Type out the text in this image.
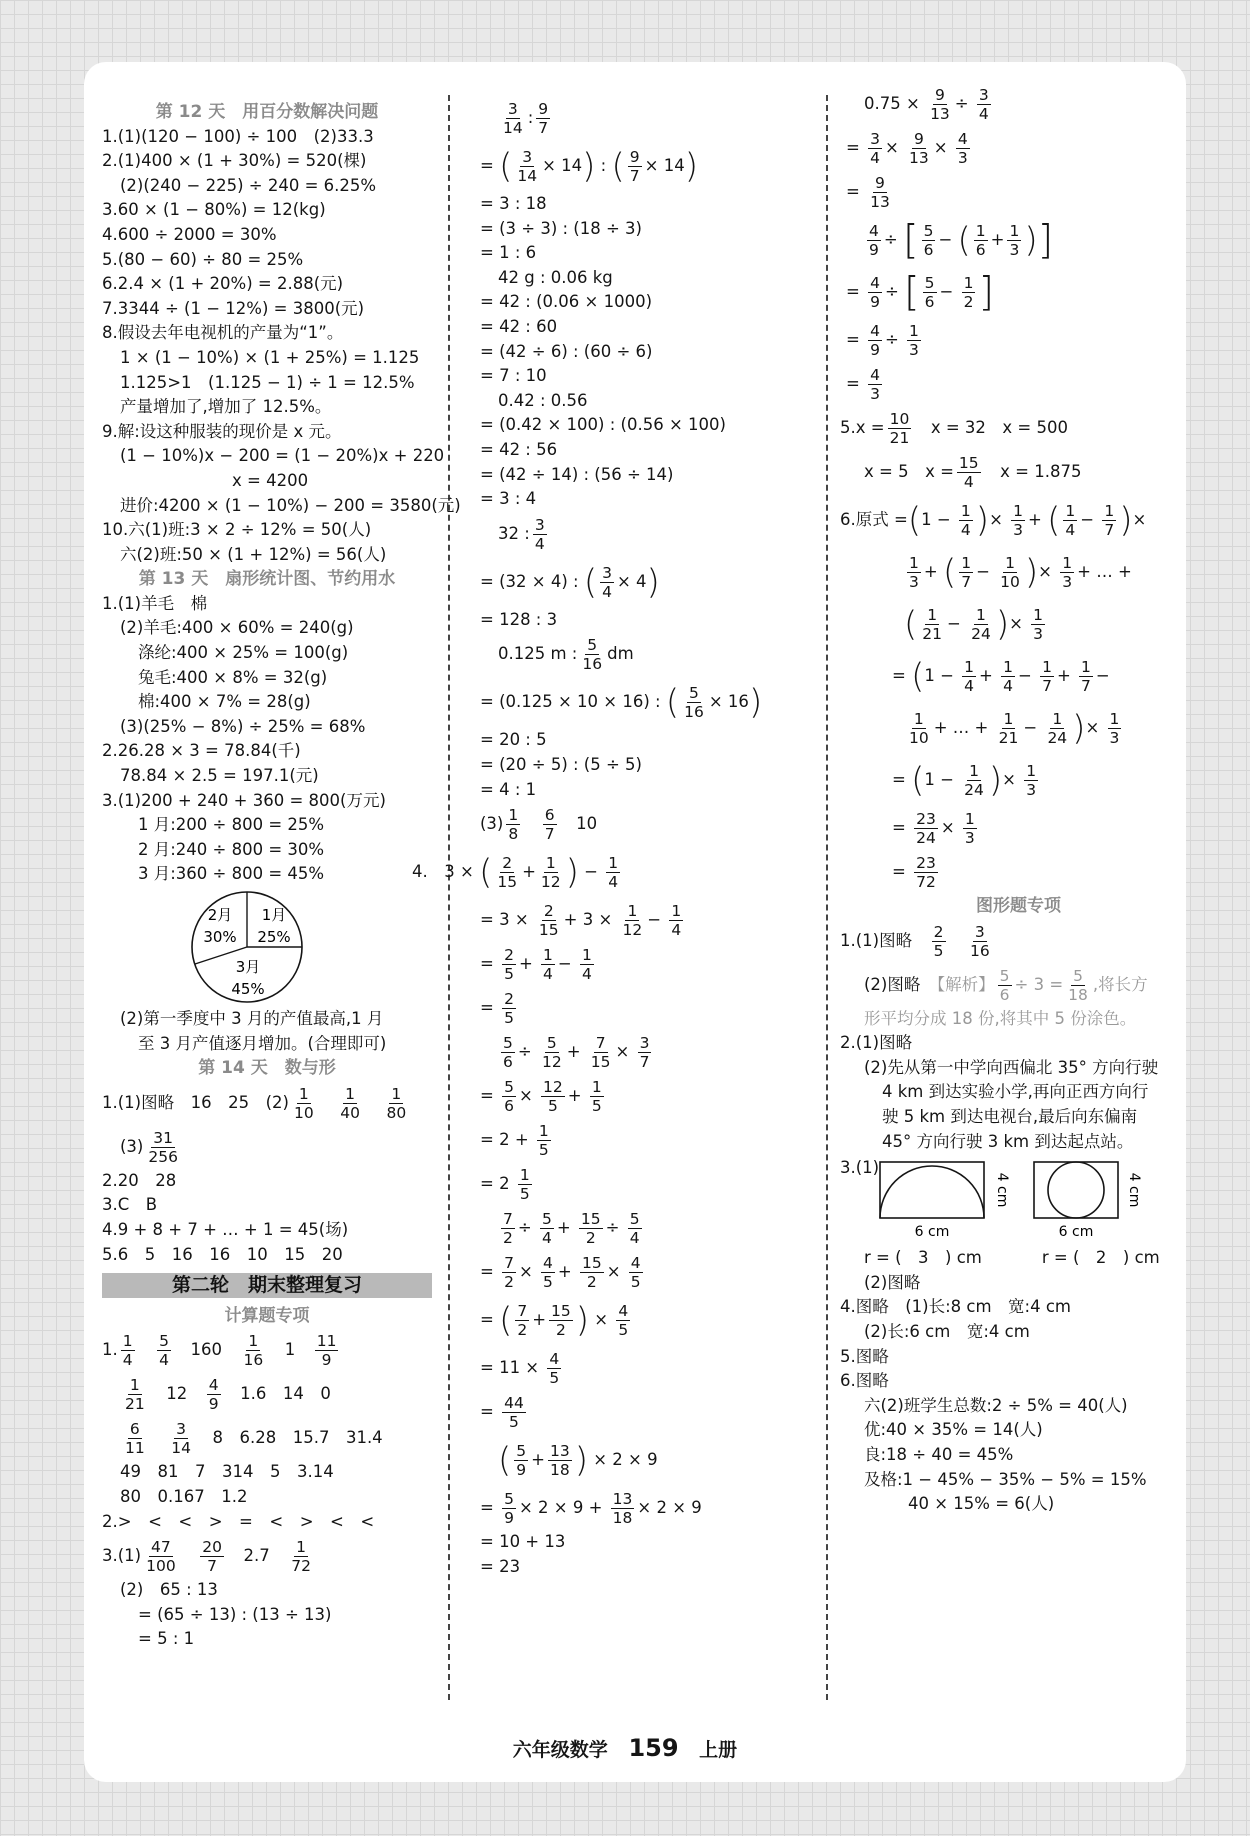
第 12 天　用百分数解决问题
1.(1)(120 − 100) ÷ 100　(2)33.3
2.(1)400 × (1 + 30%) = 520(棵)
(2)(240 − 225) ÷ 240 = 6.25%
3.60 × (1 − 80%) = 12(kg)
4.600 ÷ 2000 = 30%
5.(80 − 60) ÷ 80 = 25%
6.2.4 × (1 + 20%) = 2.88(元)
7.3344 ÷ (1 − 12%) = 3800(元)
8.假设去年电视机的产量为“1”。
1 × (1 − 10%) × (1 + 25%) = 1.125
1.125>1　(1.125 − 1) ÷ 1 = 12.5%
产量增加了,增加了 12.5%。
9.解:设这种服装的现价是 x 元。
(1 − 10%)x − 200 = (1 − 20%)x + 220
x = 4200
进价:4200 × (1 − 10%) − 200 = 3580(元)
10.六(1)班:3 × 2 ÷ 12% = 50(人)
六(2)班:50 × (1 + 12%) = 56(人)
第 13 天　扇形统计图、节约用水
1.(1)羊毛　棉
(2)羊毛:400 × 60% = 240(g)
涤纶:400 × 25% = 100(g)
兔毛:400 × 8% = 32(g)
棉:400 × 7% = 28(g)
(3)(25% − 8%) ÷ 25% = 68%
2.26.28 × 3 = 78.84(千)
78.84 × 2.5 = 197.1(元)
3.(1)200 + 240 + 360 = 800(万元)
1 月:200 ÷ 800 = 25%
2 月:240 ÷ 800 = 30%
3 月:360 ÷ 800 = 45%
2月
30%
1月
25%
3月
45%
(2)第一季度中 3 月的产值最高,1 月
至 3 月产值逐月增加。(合理即可)
第 14 天　数与形
1.(1)图略　16　25　$(2) \frac{1}{10}$
　 $\frac{1}{40}$
　 $\frac{1}{80}$
$(3) \frac{31}{256}$
2.20　28
3.C　B
4.9 + 8 + 7 + … + 1 = 45(场)
5.6　5　16　16　10　15　20
第二轮　期末整理复习
计算题专项
1. $\frac{1}{4}$
　 $\frac{5}{4}$ 　160　 $\frac{1}{16}$ 　1　 $\frac{11}{9}$
$\frac{1}{21}$ 　12　 $\frac{4}{9}$ 　1.6　14　0
$\frac{6}{11}$
　 $\frac{3}{14}$ 　8　6.28　15.7　31.4
49　81　7　314　5　3.14
80　0.167　1.2
2.>　<　<　>　=　<　>　<　<
$3.(1) \frac{47}{100}$
　 $\frac{20}{7}$ 　2.7　 $\frac{1}{72}$
(2)　65 : 13
= (65 ÷ 13) : (13 ÷ 13)
= 5 : 1
$\frac{3}{14}$ : $\frac{9}{7}$
= ( $\frac{3}{14} \times 14$) : ( $\frac{9}{7} \times 14$)
= 3 : 18
= (3 ÷ 3) : (18 ÷ 3)
= 1 : 6
42 g : 0.06 kg
= 42 : (0.06 × 1000)
= 42 : 60
= (42 ÷ 6) : (60 ÷ 6)
= 7 : 10
0.42 : 0.56
= (0.42 × 100) : (0.56 × 100)
= 42 : 56
= (42 ÷ 14) : (56 ÷ 14)
= 3 : 4
32 : $\frac{3}{4}$
= (32 × 4) : ( $\frac{3}{4} \times 4$)
= 128 : 3
0.125 m : $\frac{5}{16}$ dm
= (0.125 × 10 × 16) : ( $\frac{5}{16} \times 16$)
= 20 : 5
= (20 ÷ 5) : (5 ÷ 5)
= 4 : 1
$(3) \frac{1}{8}$
　 $\frac{6}{7}$ 　10
4.　3 × ( $\frac{2}{15} + \frac{1}{12}$ ) − $\frac{1}{4}$
= $3 \times \frac{2}{15} + 3 \times \frac{1}{12} - \frac{1}{4}$
= $\frac{2}{5} + \frac{1}{4} - \frac{1}{4}$
= $\frac{2}{5}$
$\frac{5}{6} \div \frac{5}{12} + \frac{7}{15} \times \frac{3}{7}$
= $\frac{5}{6} \times \frac{12}{5} + \frac{1}{5}$
= $2 + \frac{1}{5}$
= $2 \frac{1}{5}$
$\frac{7}{2} \div \frac{5}{4} + \frac{15}{2} \div \frac{5}{4}$
= $\frac{7}{2} \times \frac{4}{5} + \frac{15}{2} \times \frac{4}{5}$
= ( $\frac{7}{2} + \frac{15}{2}$ ) × $\frac{4}{5}$
= $11 \times \frac{4}{5}$
= $\frac{44}{5}$
( $\frac{5}{9} + \frac{13}{18}$ ) × 2 × 9
= $\frac{5}{9} \times 2 \times 9 + \frac{13}{18} \times 2 \times 9$
= 10 + 13
= 23
$0.75 \times \frac{9}{13} \div \frac{3}{4}$
= $\frac{3}{4} \times \frac{9}{13} \times \frac{4}{3}$
= $\frac{9}{13}$
$\frac{4}{9}$ ÷ [ $\frac{5}{6}$ − ( $\frac{1}{6} + \frac{1}{3}$ )]
= $\frac{4}{9}$ ÷ [ $\frac{5}{6} - \frac{1}{2}$ ]
= $\frac{4}{9} \div \frac{1}{3}$
= $\frac{4}{3}$
$5.x = \frac{10}{21}$
　 x = 32　x = 500
x = 5　$x = \frac{15}{4}$
　 x = 1.875
6.原式 $=(1 - \frac{1}{4}$ )× $\frac{1}{3}$ + ( $\frac{1}{4} - \frac{1}{7}$ )×
$\frac{1}{3}$ + ( $\frac{1}{7} - \frac{1}{10}$ )× $\frac{1}{3}$ + … +
( $\frac{1}{21} - \frac{1}{24}$ )× $\frac{1}{3}$
= ($1 - \frac{1}{4} + \frac{1}{4} - \frac{1}{7} + \frac{1}{7}$ −
$\frac{1}{10}$ + … + $\frac{1}{21} - \frac{1}{24}$ )× $\frac{1}{3}$
= ($1 - \frac{1}{24}$ )× $\frac{1}{3}$
= $\frac{23}{24} \times \frac{1}{3}$
= $\frac{23}{72}$
图形题专项
1.(1)图略　 $\frac{2}{5}$
　 $\frac{3}{16}$
(2)图略　 【解析】 $\frac{5}{6} \div 3 = \frac{5}{18}$ ,将长方
形平均分成 18 份,将其中 5 份涂色。
2.(1)图略
(2)先从第一中学向西偏北 35° 方向行驶
4 km 到达实验小学,再向正西方向行
驶 5 km 到达电视台,最后向东偏南
45° 方向行驶 3 km 到达起点站。
3.(1)
4 cm
6 cm
4 cm
6 cm
r = (　3　) cm	r = (　2　) cm
(2)图略
4.图略　(1)长:8 cm　宽:4 cm
(2)长:6 cm　宽:4 cm
5.图略
6.图略
六(2)班学生总数:2 ÷ 5% = 40(人)
优:40 × 35% = 14(人)
良:18 ÷ 40 = 45%
及格:1 − 45% − 35% − 5% = 15%
40 × 15% = 6(人)
六年级数学 159 上册
